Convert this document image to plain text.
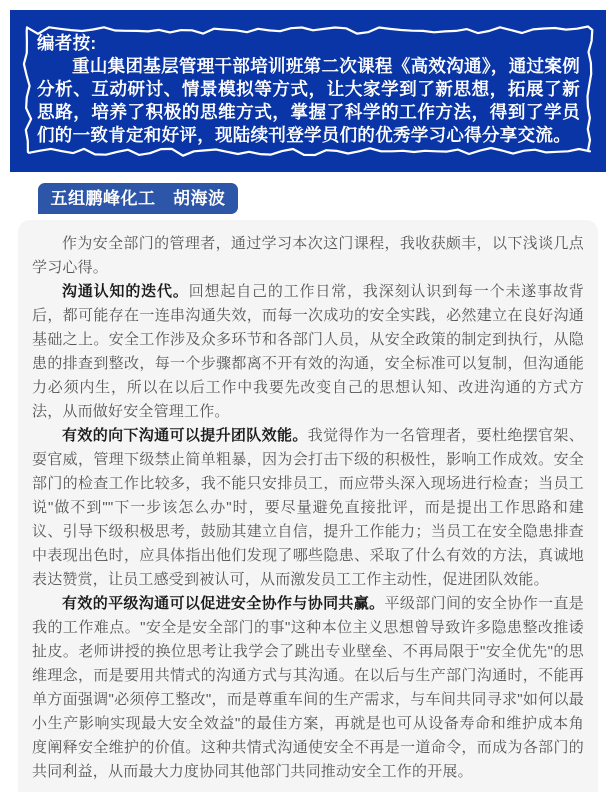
编者按:
重山集团基层管理干部培训班第二次课程《高效沟通》，通过案例分析、互动研讨、情景模拟等方式，让大家学到了新思想，拓展了新思路，培养了积极的思维方式，掌握了科学的工作方法，得到了学员们的一致肯定和好评，现陆续刊登学员们的优秀学习心得分享交流。
五组鹏峰化工　胡海波

作为安全部门的管理者，通过学习本次这门课程，我收获颇丰，以下浅谈几点学习心得。

沟通认知的迭代。回想起自己的工作日常，我深刻认识到每一个未遂事故背后，都可能存在一连串沟通失效，而每一次成功的安全实践，必然建立在良好沟通基础之上。安全工作涉及众多环节和各部门人员，从安全政策的制定到执行，从隐患的排查到整改，每一个步骤都离不开有效的沟通，安全标准可以复制，但沟通能力必须内生，所以在以后工作中我要先改变自己的思想认知、改进沟通的方式方法，从而做好安全管理工作。

有效的向下沟通可以提升团队效能。我觉得作为一名管理者，要杜绝摆官架、耍官威，管理下级禁止简单粗暴，因为会打击下级的积极性，影响工作成效。安全部门的检查工作比较多，我不能只安排员工，而应带头深入现场进行检查；当员工说"做不到""下一步该怎么办"时，要尽量避免直接批评，而是提出工作思路和建议、引导下级积极思考，鼓励其建立自信，提升工作能力；当员工在安全隐患排查中表现出色时，应具体指出他们发现了哪些隐患、采取了什么有效的方法，真诚地表达赞赏，让员工感受到被认可，从而激发员工工作主动性，促进团队效能。

有效的平级沟通可以促进安全协作与协同共赢。平级部门间的安全协作一直是我的工作难点。"安全是安全部门的事"这种本位主义思想曾导致许多隐患整改推诿扯皮。老师讲授的换位思考让我学会了跳出专业壁垒、不再局限于"安全优先"的思维理念，而是要用共情式的沟通方式与其沟通。在以后与生产部门沟通时，不能再单方面强调"必须停工整改"，而是尊重车间的生产需求，与车间共同寻求"如何以最小生产影响实现最大安全效益"的最佳方案，再就是也可从设备寿命和维护成本角度阐释安全维护的价值。这种共情式沟通使安全不再是一道命令，而成为各部门的共同利益，从而最大力度协同其他部门共同推动安全工作的开展。
